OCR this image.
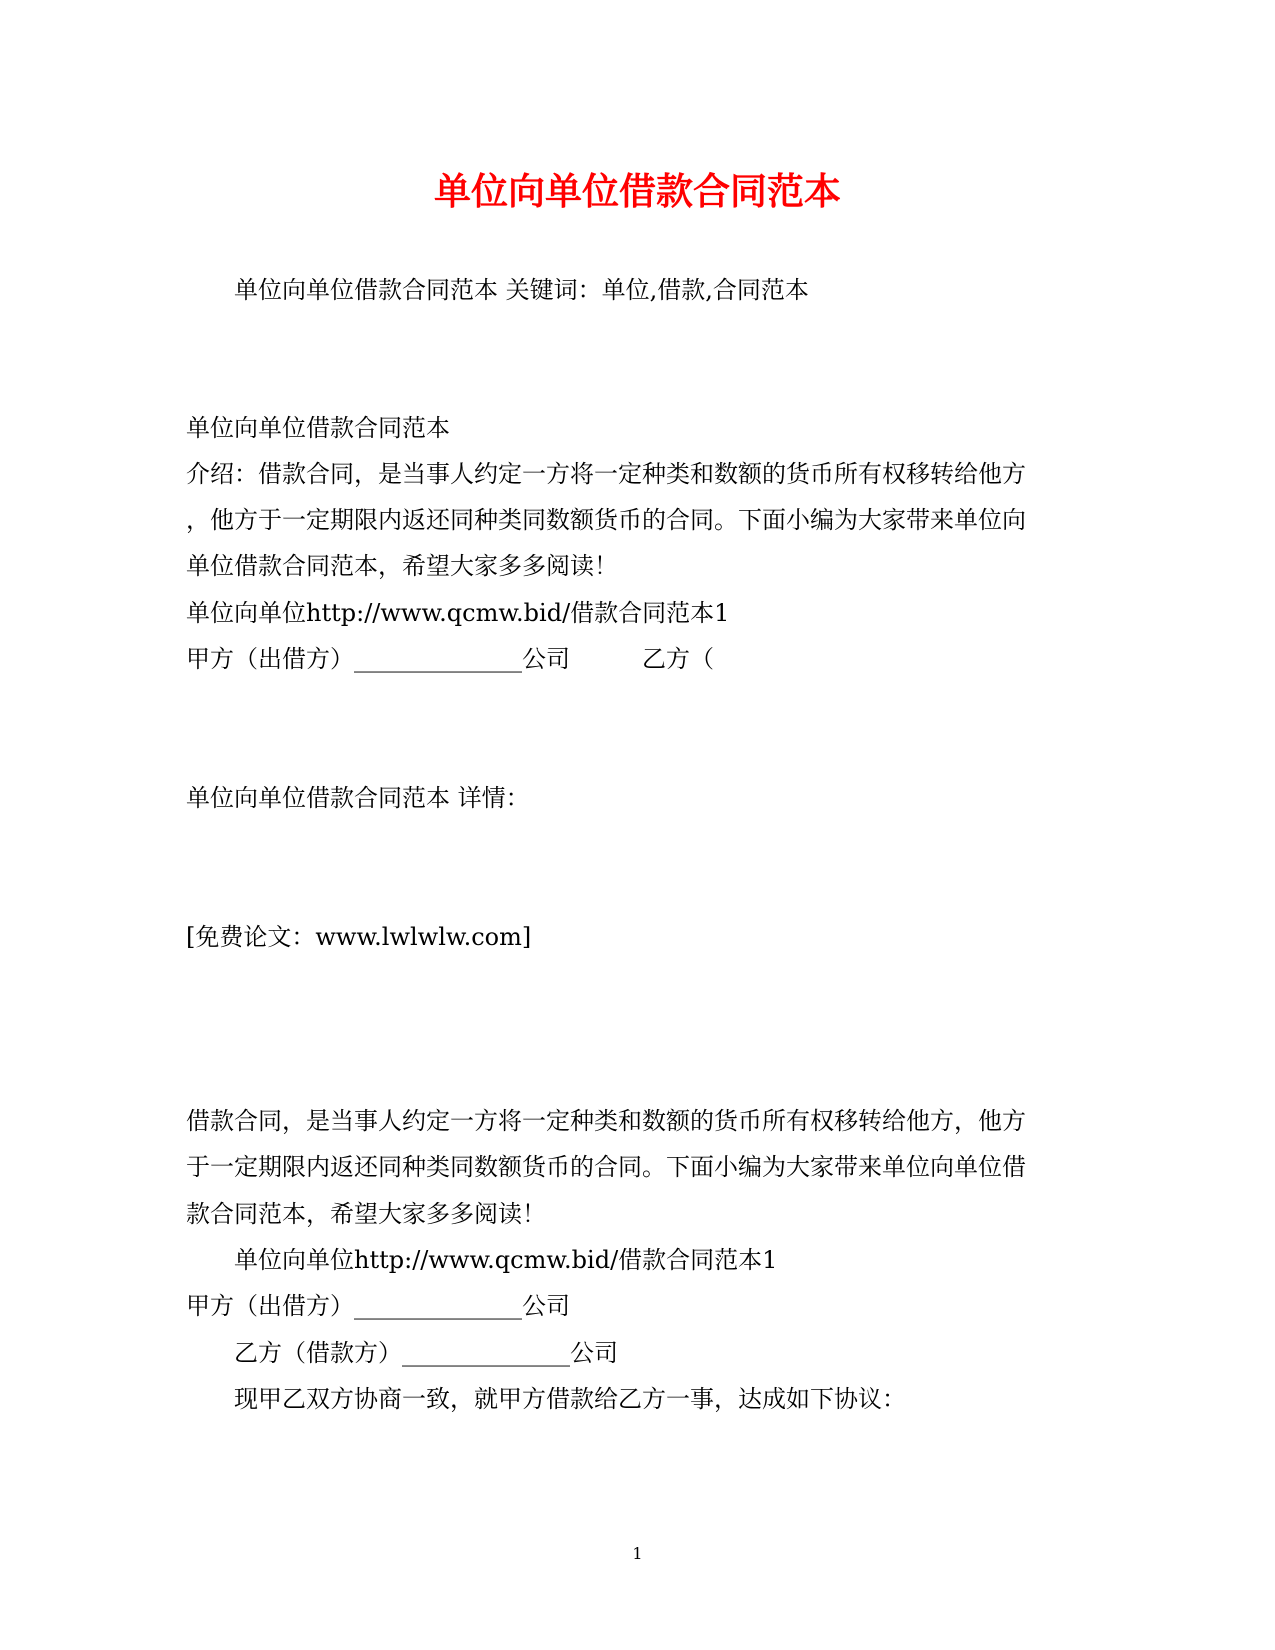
单位向单位借款合同范本
单位向单位借款合同范本 关键词：单位,借款,合同范本
单位向单位借款合同范本
介绍：借款合同，是当事人约定一方将一定种类和数额的货币所有权移转给他方
，他方于一定期限内返还同种类同数额货币的合同。下面小编为大家带来单位向
单位借款合同范本，希望大家多多阅读！
单位向单位http://www.qcmw.bid/借款合同范本1
甲方（出借方）______________公司　　　乙方（
单位向单位借款合同范本 详情：
[免费论文：www.lwlwlw.com]
借款合同，是当事人约定一方将一定种类和数额的货币所有权移转给他方，他方
于一定期限内返还同种类同数额货币的合同。下面小编为大家带来单位向单位借
款合同范本，希望大家多多阅读！
单位向单位http://www.qcmw.bid/借款合同范本1
甲方（出借方）______________公司
乙方（借款方）______________公司
现甲乙双方协商一致，就甲方借款给乙方一事，达成如下协议：
1
